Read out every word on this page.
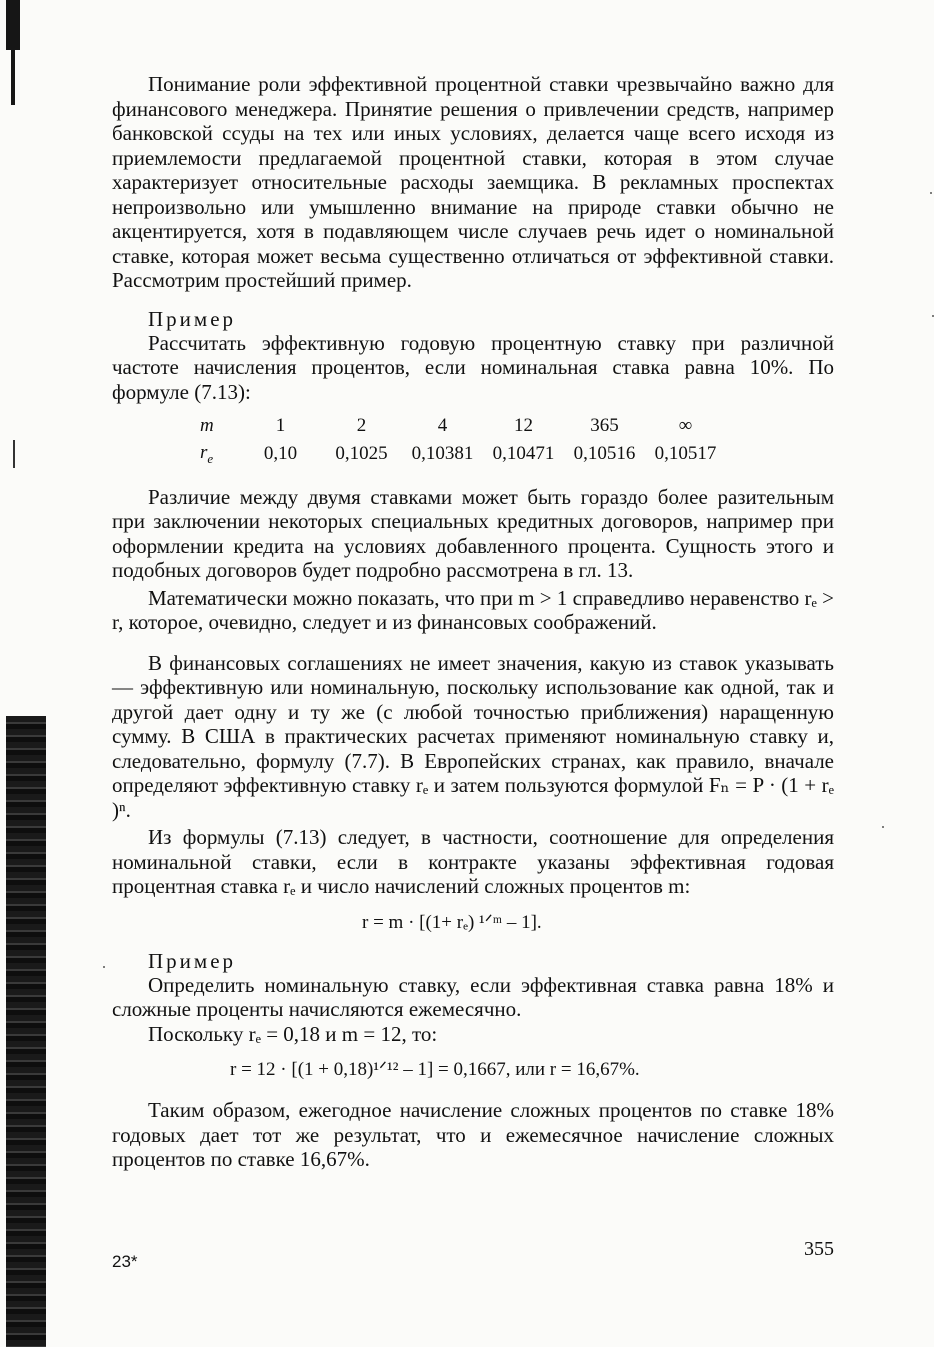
Понимание роли эффективной процентной ставки чрезвычайно важно для финансового менеджера. Принятие решения о привлечении средств, например банковской ссуды на тех или иных условиях, делается чаще всего исходя из приемлемости предлагаемой процентной ставки, которая в этом случае характеризует относительные расходы заемщика. В рекламных проспектах непроизвольно или умышленно внимание на природе ставки обычно не акцентируется, хотя в подавляющем числе случаев речь идет о номинальной ставке, которая может весьма существенно отличаться от эффективной ставки. Рассмотрим простейший пример.

Пример

Рассчитать эффективную годовую процентную ставку при различной частоте начисления процентов, если номинальная ставка равна 10%. По формуле (7.13):

m	1	2	4	12	365	∞
$r_e$	0,10	0,1025	0,10381	0,10471	0,10516	0,10517

Различие между двумя ставками может быть гораздо более разительным при заключении некоторых специальных кредитных договоров, например при оформлении кредита на условиях добавленного процента. Сущность этого и подобных договоров будет подробно рассмотрена в гл. 13.

Математически можно показать, что при m > 1 справедливо неравенство rₑ > r, которое, очевидно, следует и из финансовых соображений.

В финансовых соглашениях не имеет значения, какую из ставок указывать — эффективную или номинальную, поскольку использование как одной, так и другой дает одну и ту же (с любой точностью приближения) наращенную сумму. В США в практических расчетах применяют номинальную ставку и, следовательно, формулу (7.7). В Европейских странах, как правило, вначале определяют эффективную ставку rₑ и затем пользуются формулой Fₙ = P · (1 + rₑ )ⁿ.

Из формулы (7.13) следует, в частности, соотношение для определения номинальной ставки, если в контракте указаны эффективная годовая процентная ставка rₑ и число начислений сложных процентов m:

r = m · [(1+ rₑ) ¹ᐟᵐ – 1].

Пример

Определить номинальную ставку, если эффективная ставка равна 18% и сложные проценты начисляются ежемесячно.

Поскольку rₑ = 0,18 и m = 12, то:

r = 12 · [(1 + 0,18)¹ᐟ¹² – 1] = 0,1667, или r = 16,67%.

Таким образом, ежегодное начисление сложных процентов по ставке 18% годовых дает тот же результат, что и ежемесячное начисление сложных процентов по ставке 16,67%.

355
23*
